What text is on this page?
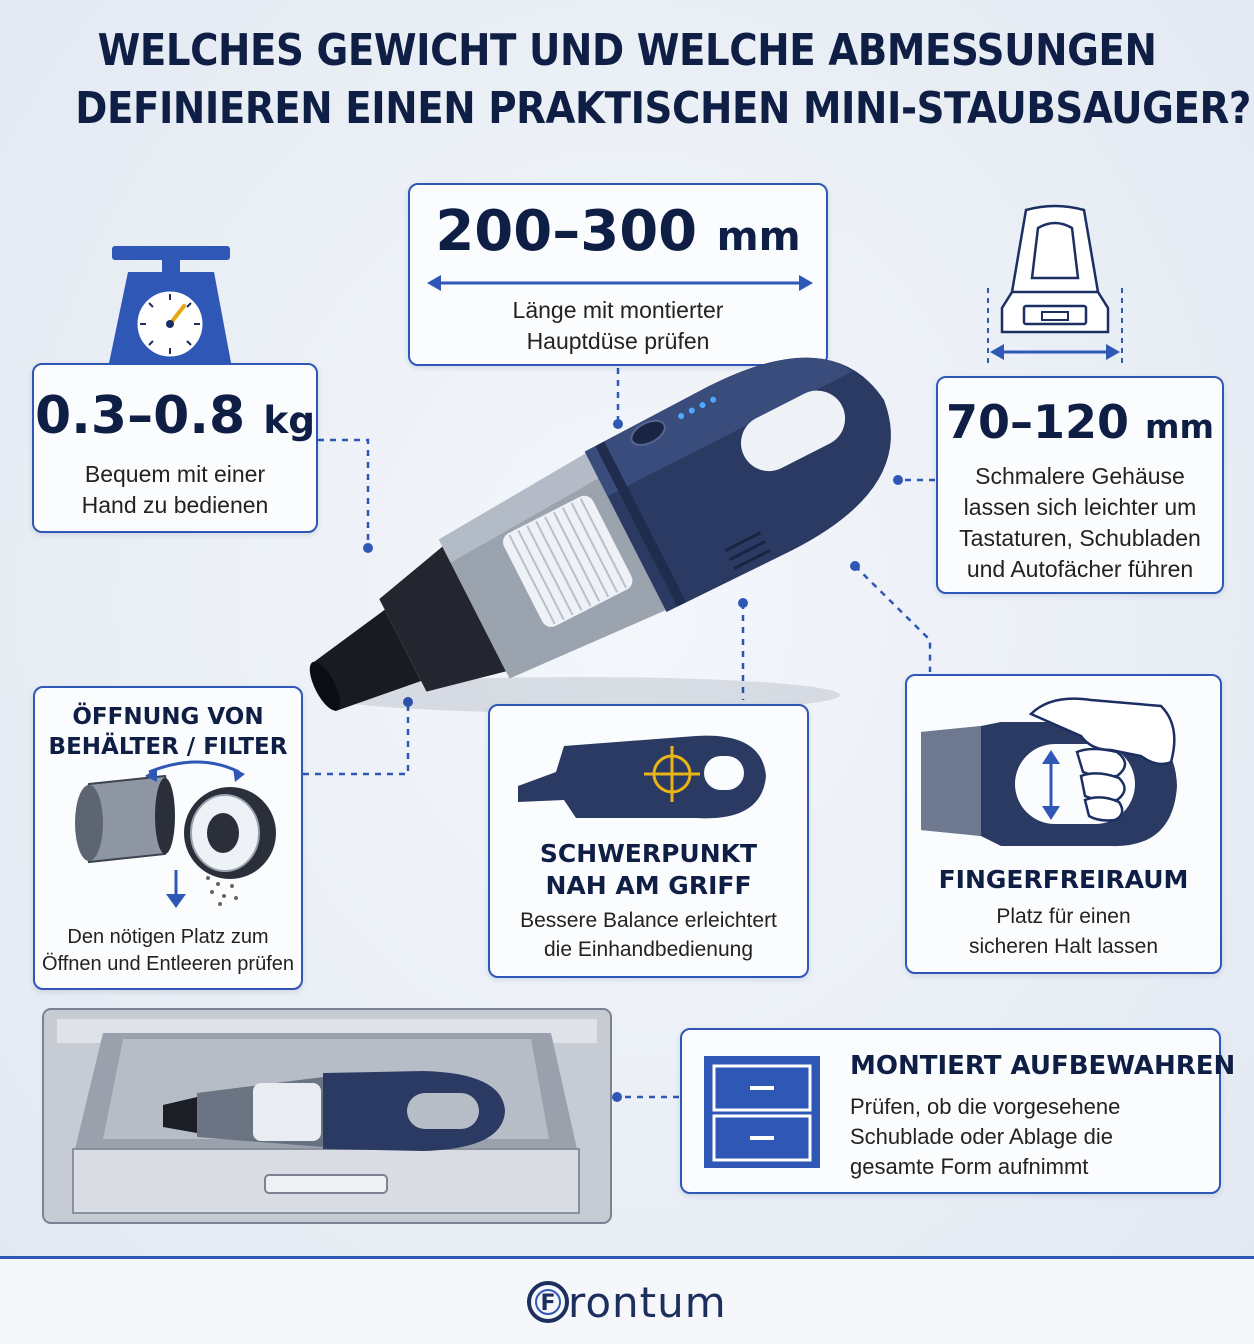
WELCHES GEWICHT UND WELCHE ABMESSUNGEN
DEFINIEREN EINEN PRAKTISCHEN MINI-STAUBSAUGER?
0.3–0.8 kg
Bequem mit einer
Hand zu bedienen
200–300 mm
Länge mit montierter
Hauptdüse prüfen
70–120 mm
Schmalere Gehäuse
lassen sich leichter um
Tastaturen, Schubladen
und Autofächer führen
ÖFFNUNG VON
BEHÄLTER / FILTER
Den nötigen Platz zum
Öffnen und Entleeren prüfen
SCHWERPUNKT
NAH AM GRIFF
Bessere Balance erleichtert
die Einhandbedienung
FINGERFREIRAUM
Platz für einen
sicheren Halt lassen
MONTIERT AUFBEWAHREN
Prüfen, ob die vorgesehene
Schublade oder Ablage die
gesamte Form aufnimmt
F rontum
